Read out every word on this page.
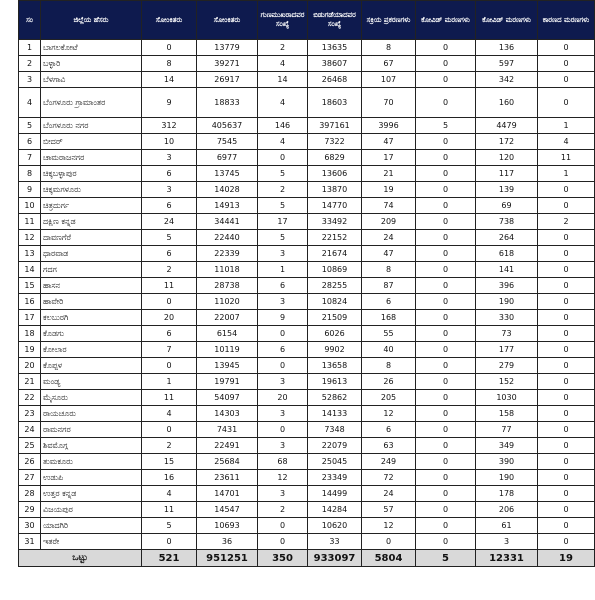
ಸಂ	ಜಿಲ್ಲೆಯ ಹೆಸರು	ಸೋಂಕಿತರು	ಸೋಂಕಿತರು	ಗುಣಮುಖರಾದವರ ಸಂಖ್ಯೆ	ಬಿಡುಗಡೆಯಾದವರ ಸಂಖ್ಯೆ	ಸಕ್ರಿಯ ಪ್ರಕರಣಗಳು	ಕೋವಿಡ್ ಮರಣಗಳು	ಕೋವಿಡ್ ಮರಣಗಳು	ಕಾರಣದ ಮರಣಗಳು
1	ಬಾಗಲಕೋಟೆ	0	13779	2	13635	8	0	136	0
2	ಬಳ್ಳಾರಿ	8	39271	4	38607	67	0	597	0
3	ಬೆಳಗಾವಿ	14	26917	14	26468	107	0	342	0
4	ಬೆಂಗಳೂರು ಗ್ರಾಮಾಂತರ	9	18833	4	18603	70	0	160	0
5	ಬೆಂಗಳೂರು ನಗರ	312	405637	146	397161	3996	5	4479	1
6	ಬೀದರ್	10	7545	4	7322	47	0	172	4
7	ಚಾಮರಾಜನಗರ	3	6977	0	6829	17	0	120	11
8	ಚಿಕ್ಕಬಳ್ಳಾಪುರ	6	13745	5	13606	21	0	117	1
9	ಚಿಕ್ಕಮಗಳೂರು	3	14028	2	13870	19	0	139	0
10	ಚಿತ್ರದುರ್ಗ	6	14913	5	14770	74	0	69	0
11	ದಕ್ಷಿಣ ಕನ್ನಡ	24	34441	17	33492	209	0	738	2
12	ದಾವಣಗೆರೆ	5	22440	5	22152	24	0	264	0
13	ಧಾರವಾಡ	6	22339	3	21674	47	0	618	0
14	ಗದಗ	2	11018	1	10869	8	0	141	0
15	ಹಾಸನ	11	28738	6	28255	87	0	396	0
16	ಹಾವೇರಿ	0	11020	3	10824	6	0	190	0
17	ಕಲಬುರಗಿ	20	22007	9	21509	168	0	330	0
18	ಕೊಡಗು	6	6154	0	6026	55	0	73	0
19	ಕೋಲಾರ	7	10119	6	9902	40	0	177	0
20	ಕೊಪ್ಪಳ	0	13945	0	13658	8	0	279	0
21	ಮಂಡ್ಯ	1	19791	3	19613	26	0	152	0
22	ಮೈಸೂರು	11	54097	20	52862	205	0	1030	0
23	ರಾಯಚೂರು	4	14303	3	14133	12	0	158	0
24	ರಾಮನಗರ	0	7431	0	7348	6	0	77	0
25	ಶಿವಮೊಗ್ಗ	2	22491	3	22079	63	0	349	0
26	ತುಮಕೂರು	15	25684	68	25045	249	0	390	0
27	ಉಡುಪಿ	16	23611	12	23349	72	0	190	0
28	ಉತ್ತರ ಕನ್ನಡ	4	14701	3	14499	24	0	178	0
29	ವಿಜಯಪುರ	11	14547	2	14284	57	0	206	0
30	ಯಾದಗಿರಿ	5	10693	0	10620	12	0	61	0
31	ಇತರೇ	0	36	0	33	0	0	3	0
ಒಟ್ಟು		521	951251	350	933097	5804	5	12331	19
